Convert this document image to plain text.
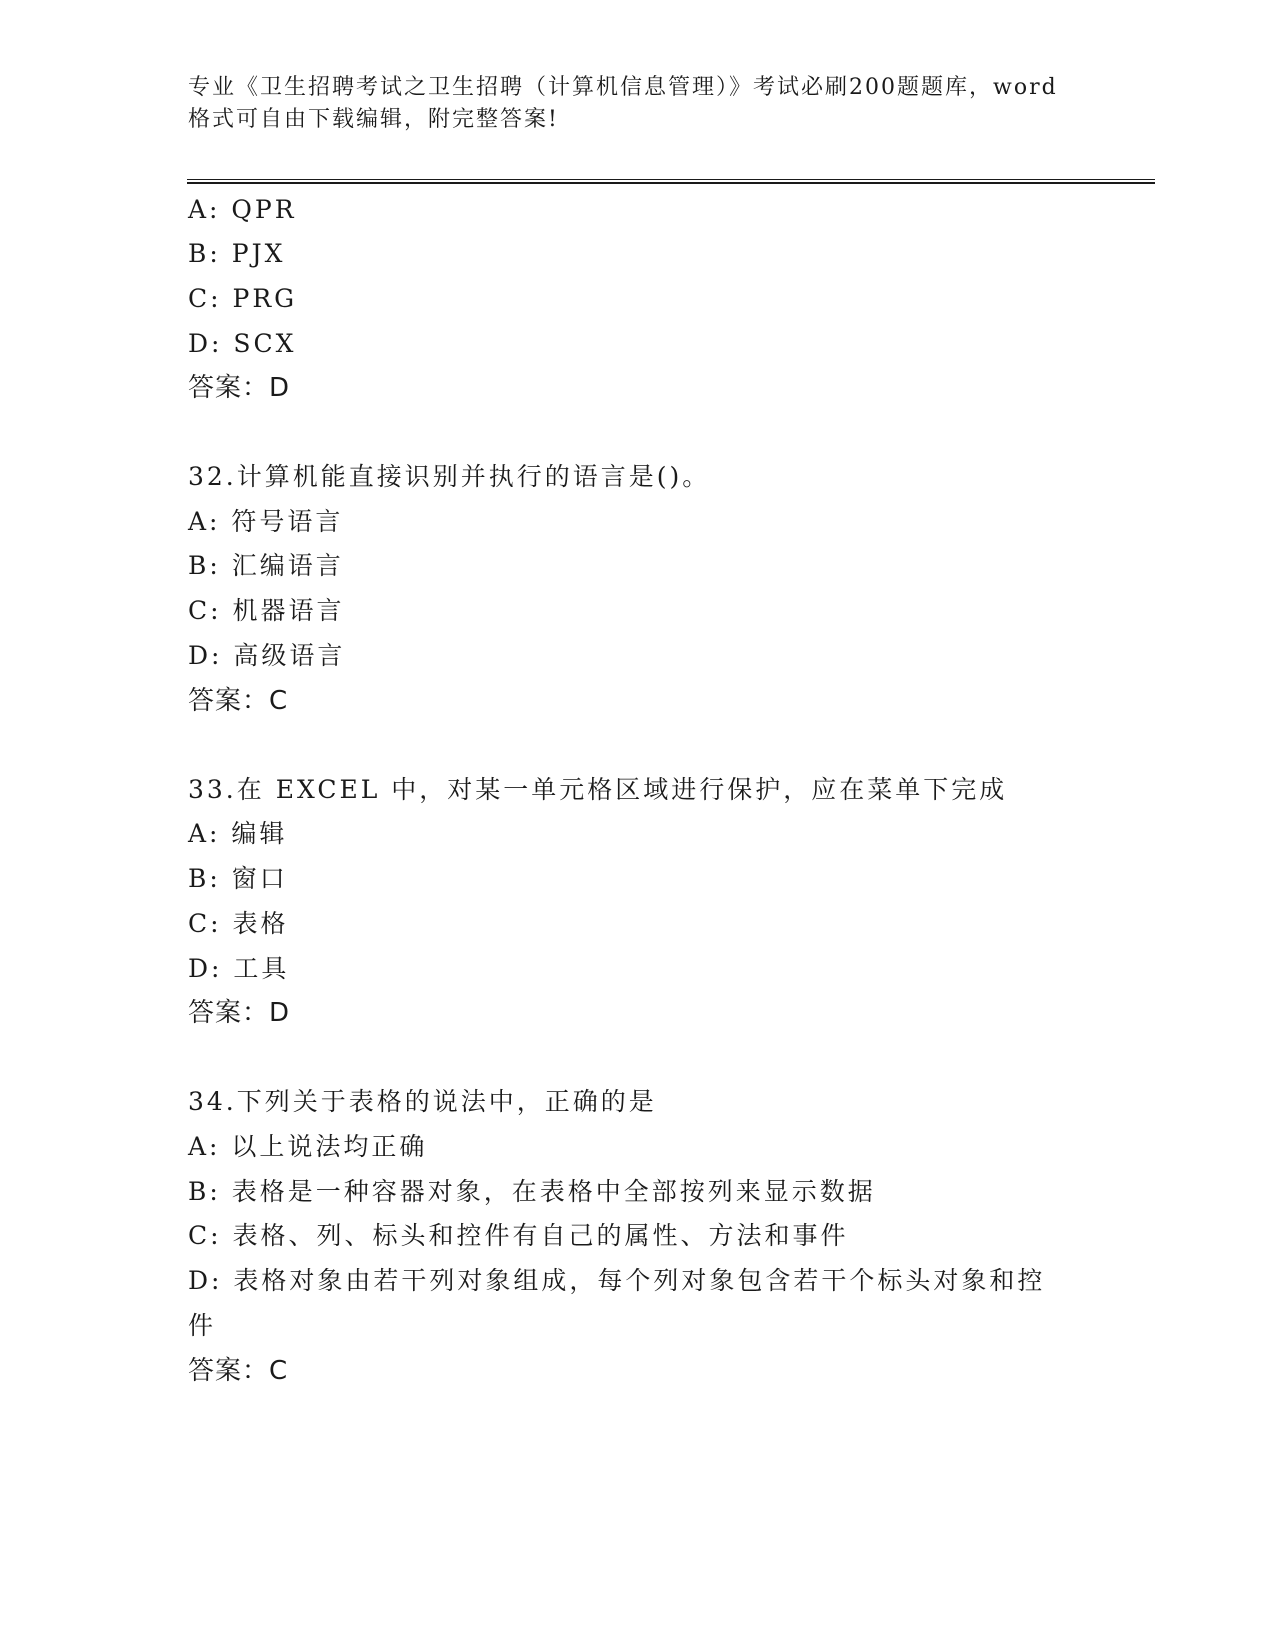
专业《卫生招聘考试之卫生招聘（计算机信息管理）》考试必刷200题题库，word
格式可自由下载编辑，附完整答案!
A: QPR
B: PJX
C: PRG
D: SCX
答案：D
32.计算机能直接识别并执行的语言是()。
A: 符号语言
B: 汇编语言
C: 机器语言
D: 高级语言
答案：C
33.在 EXCEL 中，对某一单元格区域进行保护，应在菜单下完成
A: 编辑
B: 窗口
C: 表格
D: 工具
答案：D
34.下列关于表格的说法中，正确的是
A: 以上说法均正确
B: 表格是一种容器对象，在表格中全部按列来显示数据
C: 表格、列、标头和控件有自己的属性、方法和事件
D: 表格对象由若干列对象组成，每个列对象包含若干个标头对象和控
件
答案：C
